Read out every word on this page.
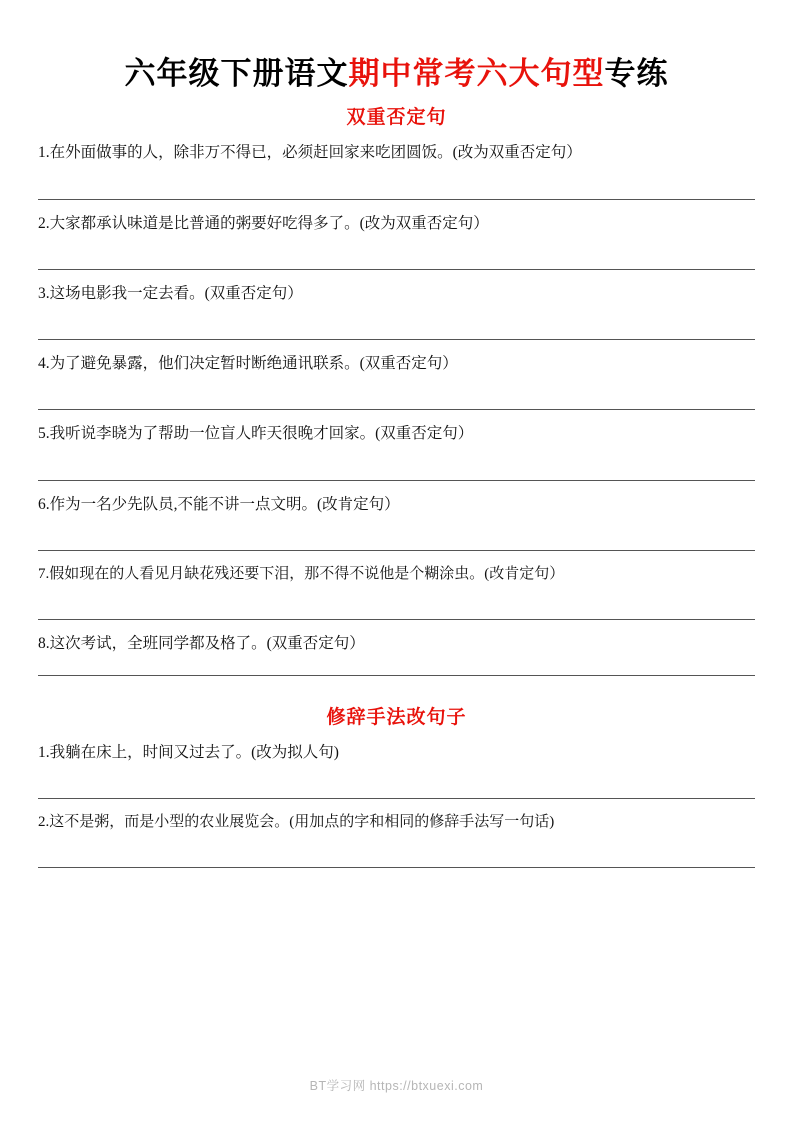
六年级下册语文期中常考六大句型专练
双重否定句
1.在外面做事的人，除非万不得已，必须赶回家来吃团圆饭。(改为双重否定句）
2.大家都承认味道是比普通的粥要好吃得多了。(改为双重否定句）
3.这场电影我一定去看。(双重否定句）
4.为了避免暴露，他们决定暂时断绝通讯联系。(双重否定句）
5.我听说李晓为了帮助一位盲人昨天很晚才回家。(双重否定句）
6.作为一名少先队员,不能不讲一点文明。(改肯定句）
7.假如现在的人看见月缺花残还要下泪，那不得不说他是个糊涂虫。(改肯定句）
8.这次考试，全班同学都及格了。(双重否定句）
修辞手法改句子
1.我躺在床上，时间又过去了。(改为拟人句)
2.这不是粥，而是小型的农业展览会。(用加点的字和相同的修辞手法写一句话)
BT学习网 https://btxuexi.com
